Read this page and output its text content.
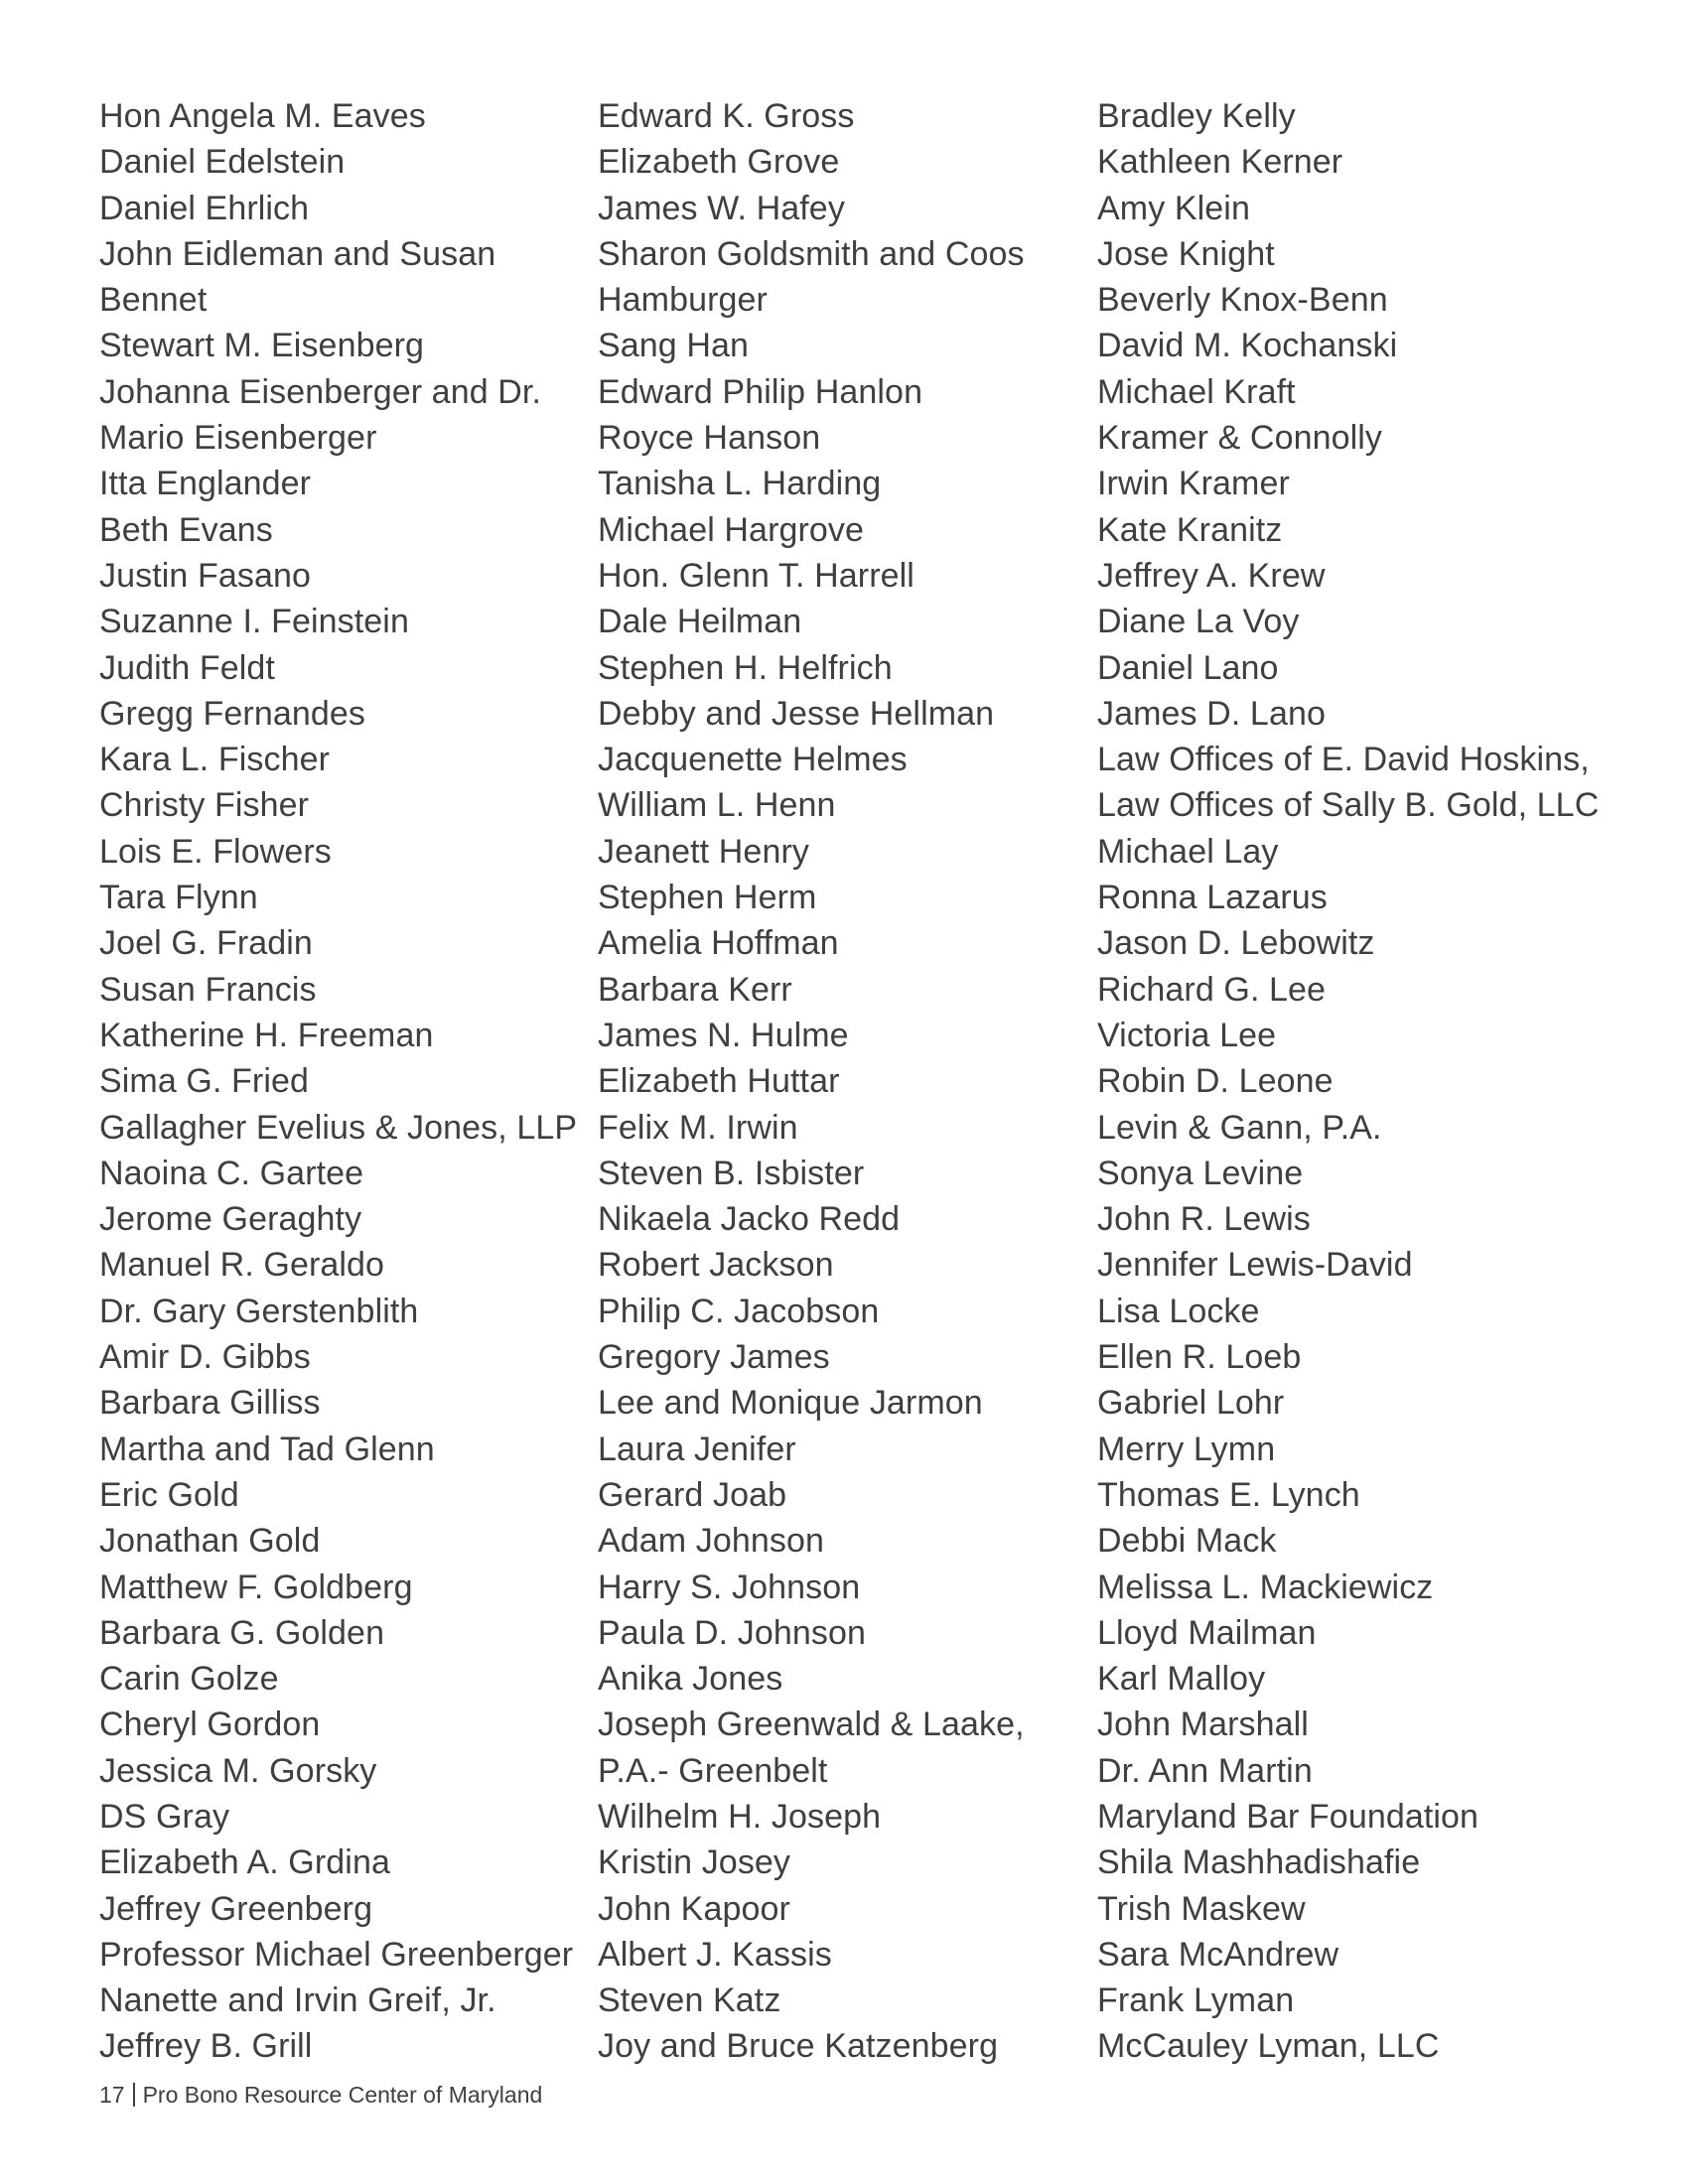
Hon Angela M. Eaves
Daniel Edelstein
Daniel Ehrlich
John Eidleman and Susan
Bennet
Stewart M. Eisenberg
Johanna Eisenberger and Dr.
Mario Eisenberger
Itta Englander
Beth Evans
Justin Fasano
Suzanne I. Feinstein
Judith Feldt
Gregg Fernandes
Kara L. Fischer
Christy Fisher
Lois E. Flowers
Tara Flynn
Joel G. Fradin
Susan Francis
Katherine H. Freeman
Sima G. Fried
Gallagher Evelius & Jones, LLP
Naoina C. Gartee
Jerome Geraghty
Manuel R. Geraldo
Dr. Gary Gerstenblith
Amir D. Gibbs
Barbara Gilliss
Martha and Tad Glenn
Eric Gold
Jonathan Gold
Matthew F. Goldberg
Barbara G. Golden
Carin Golze
Cheryl Gordon
Jessica M. Gorsky
DS Gray
Elizabeth A. Grdina
Jeffrey Greenberg
Professor Michael Greenberger
Nanette and Irvin Greif, Jr.
Jeffrey B. Grill
Edward K. Gross
Elizabeth Grove
James W. Hafey
Sharon Goldsmith and Coos
Hamburger
Sang Han
Edward Philip Hanlon
Royce Hanson
Tanisha L. Harding
Michael Hargrove
Hon. Glenn T. Harrell
Dale Heilman
Stephen H. Helfrich
Debby and Jesse Hellman
Jacquenette Helmes
William L. Henn
Jeanett Henry
Stephen Herm
Amelia Hoffman
Barbara Kerr
James N. Hulme
Elizabeth Huttar
Felix M. Irwin
Steven B. Isbister
Nikaela Jacko Redd
Robert Jackson
Philip C. Jacobson
Gregory James
Lee and Monique Jarmon
Laura Jenifer
Gerard Joab
Adam Johnson
Harry S. Johnson
Paula D. Johnson
Anika Jones
Joseph Greenwald & Laake,
P.A.- Greenbelt
Wilhelm H. Joseph
Kristin Josey
John Kapoor
Albert J. Kassis
Steven Katz
Joy and Bruce Katzenberg
Bradley Kelly
Kathleen Kerner
Amy Klein
Jose Knight
Beverly Knox-Benn
David M. Kochanski
Michael Kraft
Kramer & Connolly
Irwin Kramer
Kate Kranitz
Jeffrey A. Krew
Diane La Voy
Daniel Lano
James D. Lano
Law Offices of E. David Hoskins,
Law Offices of Sally B. Gold, LLC
Michael Lay
Ronna Lazarus
Jason D. Lebowitz
Richard G. Lee
Victoria Lee
Robin D. Leone
Levin & Gann, P.A.
Sonya Levine
John R. Lewis
Jennifer Lewis-David
Lisa Locke
Ellen R. Loeb
Gabriel Lohr
Merry Lymn
Thomas E. Lynch
Debbi Mack
Melissa L. Mackiewicz
Lloyd Mailman
Karl Malloy
John Marshall
Dr. Ann Martin
Maryland Bar Foundation
Shila Mashhadishafie
Trish Maskew
Sara McAndrew
Frank Lyman
McCauley Lyman, LLC
17 Pro Bono Resource Center of Maryland
